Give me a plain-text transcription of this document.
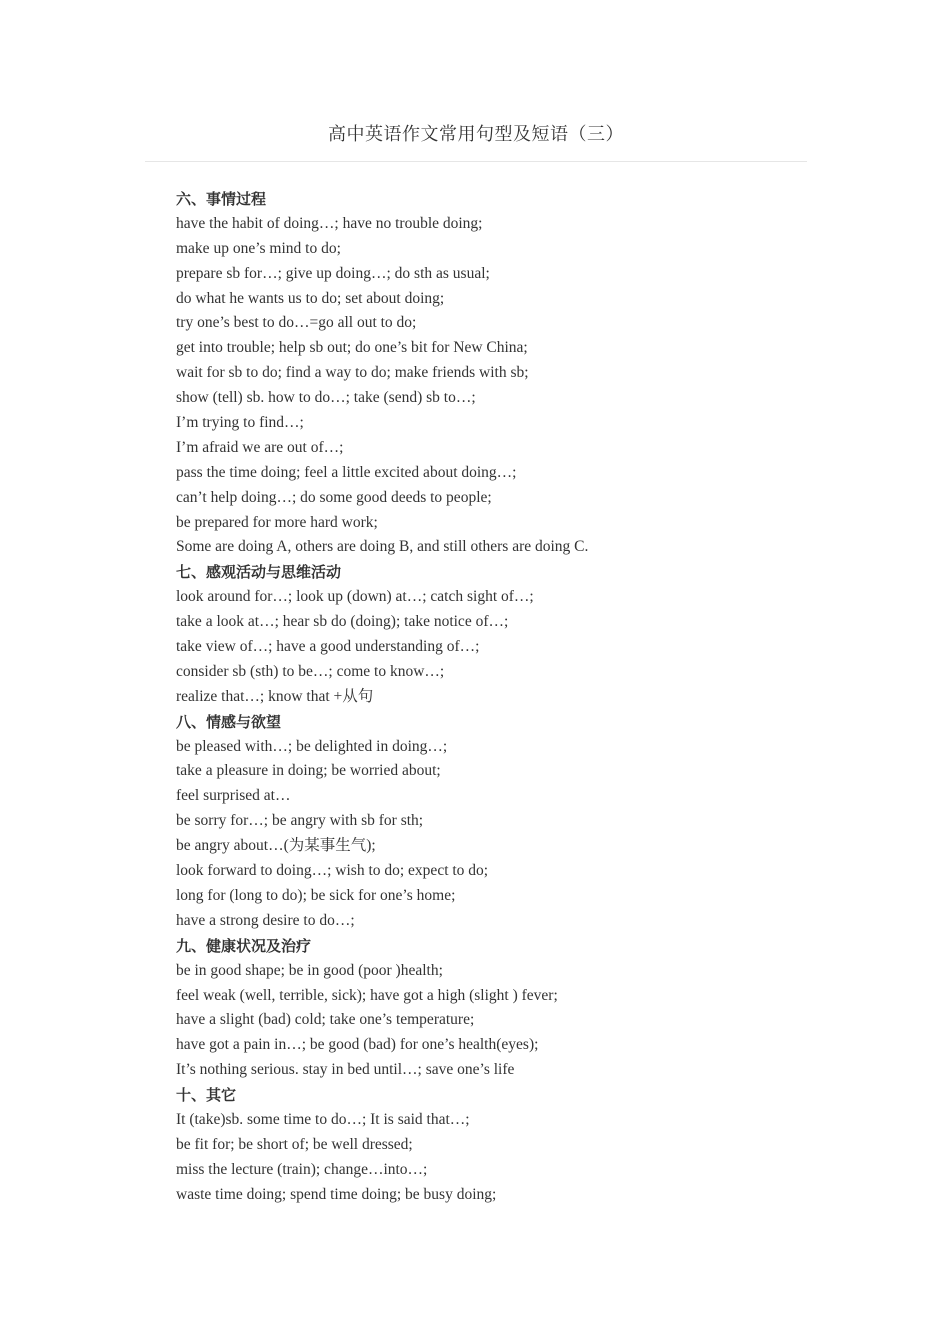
高中英语作文常用句型及短语（三）
六、事情过程
have the habit of doing…; have no trouble doing;
make up one’s mind to do;
prepare sb for…; give up doing…; do sth as usual;
do what he wants us to do; set about doing;
try one’s best to do…=go all out to do;
get into trouble; help sb out; do one’s bit for New China;
wait for sb to do; find a way to do; make friends with sb;
show (tell) sb. how to do…; take (send) sb to…;
I’m trying to find…;
I’m afraid we are out of…;
pass the time doing; feel a little excited about doing…;
can’t help doing…; do some good deeds to people;
be prepared for more hard work;
Some are doing A, others are doing B, and still others are doing C.
七、感观活动与思维活动
look around for…; look up (down) at…; catch sight of…;
take a look at…; hear sb do (doing); take notice of…;
take view of…; have a good understanding of…;
consider sb (sth) to be…; come to know…;
realize that…; know that +从句
八、情感与欲望
be pleased with…; be delighted in doing…;
take a pleasure in doing; be worried about;
feel surprised at…
be sorry for…; be angry with sb for sth;
be angry about…(为某事生气);
look forward to doing…; wish to do; expect to do;
long for (long to do); be sick for one’s home;
have a strong desire to do…;
九、健康状况及治疗
be in good shape; be in good (poor )health;
feel weak (well, terrible, sick); have got a high (slight ) fever;
have a slight (bad) cold; take one’s temperature;
have got a pain in…; be good (bad) for one’s health(eyes);
It’s nothing serious. stay in bed until…; save one’s life
十、其它
It (take)sb. some time to do…; It is said that…;
be fit for; be short of; be well dressed;
miss the lecture (train); change…into…;
waste time doing; spend time doing; be busy doing;
